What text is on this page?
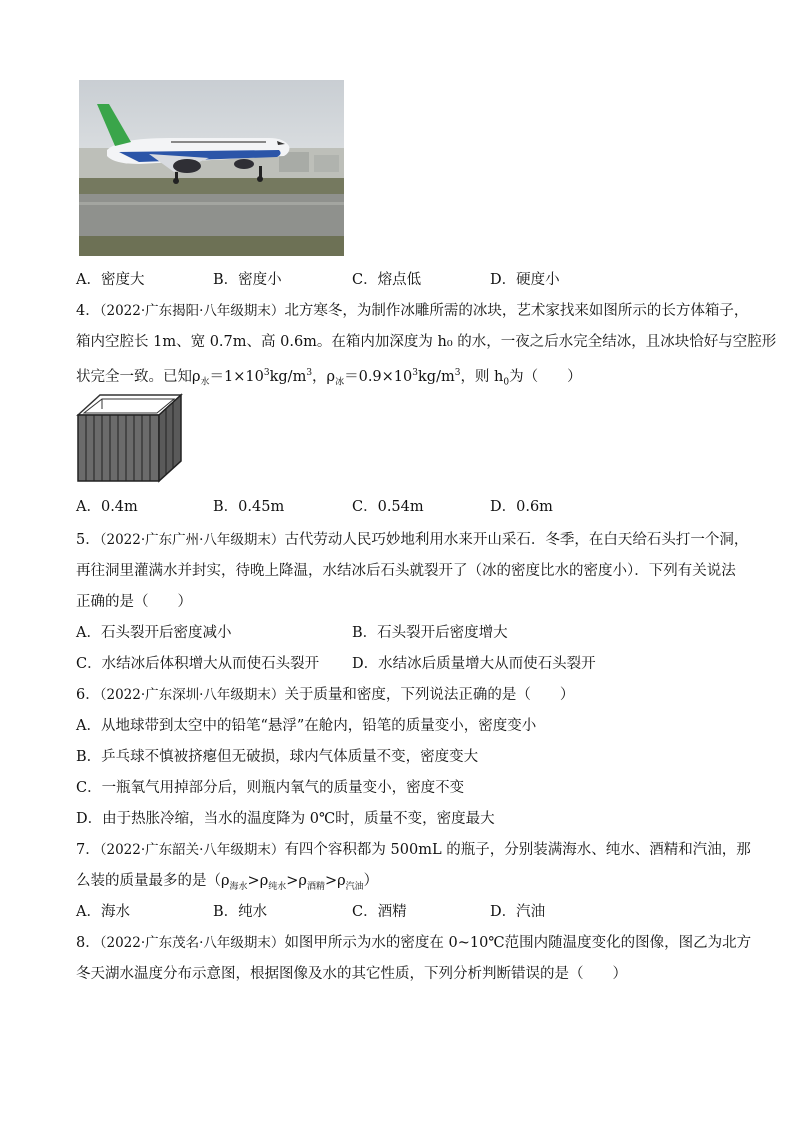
A．密度大	B．密度小	C．熔点低	D．硬度小
4．（2022·广东揭阳·八年级期末）北方寒冬，为制作冰雕所需的冰块，艺术家找来如图所示的长方体箱子，
箱内空腔长 1m、宽 0.7m、高 0.6m。在箱内加深度为 h₀ 的水，一夜之后水完全结冰，且冰块恰好与空腔形
状完全一致。已知$\rho_水=1\times 10^3kg/m^3$，$\rho_冰=0.9\times 10^3kg/m^3$，则 $h_0$为（　　）
A．0.4m	B．0.45m	C．0.54m	D．0.6m
5．（2022·广东广州·八年级期末）古代劳动人民巧妙地利用水来开山采石．冬季，在白天给石头打一个洞，
再往洞里灌满水并封实，待晚上降温，水结冰后石头就裂开了（冰的密度比水的密度小）．下列有关说法
正确的是（　　）
A．石头裂开后密度减小	B．石头裂开后密度增大
C．水结冰后体积增大从而使石头裂开 D．水结冰后质量增大从而使石头裂开
6．（2022·广东深圳·八年级期末）关于质量和密度，下列说法正确的是（　　）
A．从地球带到太空中的铅笔“悬浮”在舱内，铅笔的质量变小，密度变小
B．乒乓球不慎被挤瘪但无破损，球内气体质量不变，密度变大
C．一瓶氧气用掉部分后，则瓶内氧气的质量变小，密度不变
D．由于热胀冷缩，当水的温度降为 0℃时，质量不变，密度最大
7．（2022·广东韶关·八年级期末）有四个容积都为 500mL 的瓶子，分别装满海水、纯水、酒精和汽油，那
么装的质量最多的是$(\rho_{海水}>\rho_{纯水}>\rho_{酒精}>\rho_{汽油})$
A．海水	B．纯水	C．酒精	D．汽油
8．（2022·广东茂名·八年级期末）如图甲所示为水的密度在 0~10℃范围内随温度变化的图像，图乙为北方
冬天湖水温度分布示意图，根据图像及水的其它性质，下列分析判断错误的是（　　）
